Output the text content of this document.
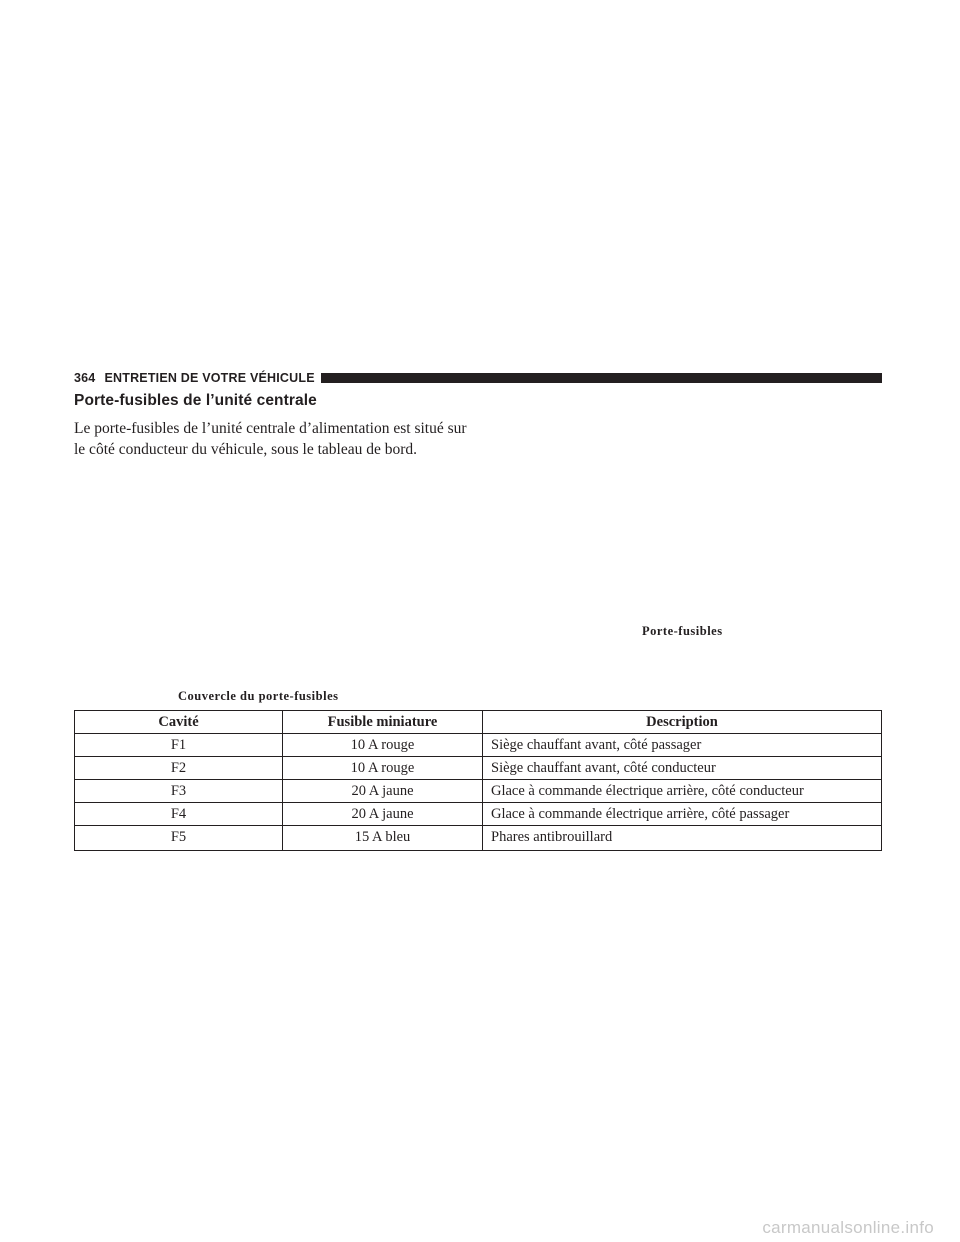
364 ENTRETIEN DE VOTRE VÉHICULE
Porte-fusibles de l’unité centrale

Le porte-fusibles de l’unité centrale d’alimentation est situé sur le côté conducteur du véhicule, sous le tableau de bord.

Porte-fusibles
Couvercle du porte-fusibles
Cavité	Fusible miniature	Description
F1	10 A rouge	Siège chauffant avant, côté passager
F2	10 A rouge	Siège chauffant avant, côté conducteur
F3	20 A jaune	Glace à commande électrique arrière, côté conducteur
F4	20 A jaune	Glace à commande électrique arrière, côté passager
F5	15 A bleu	Phares antibrouillard
carmanualsonline.info
